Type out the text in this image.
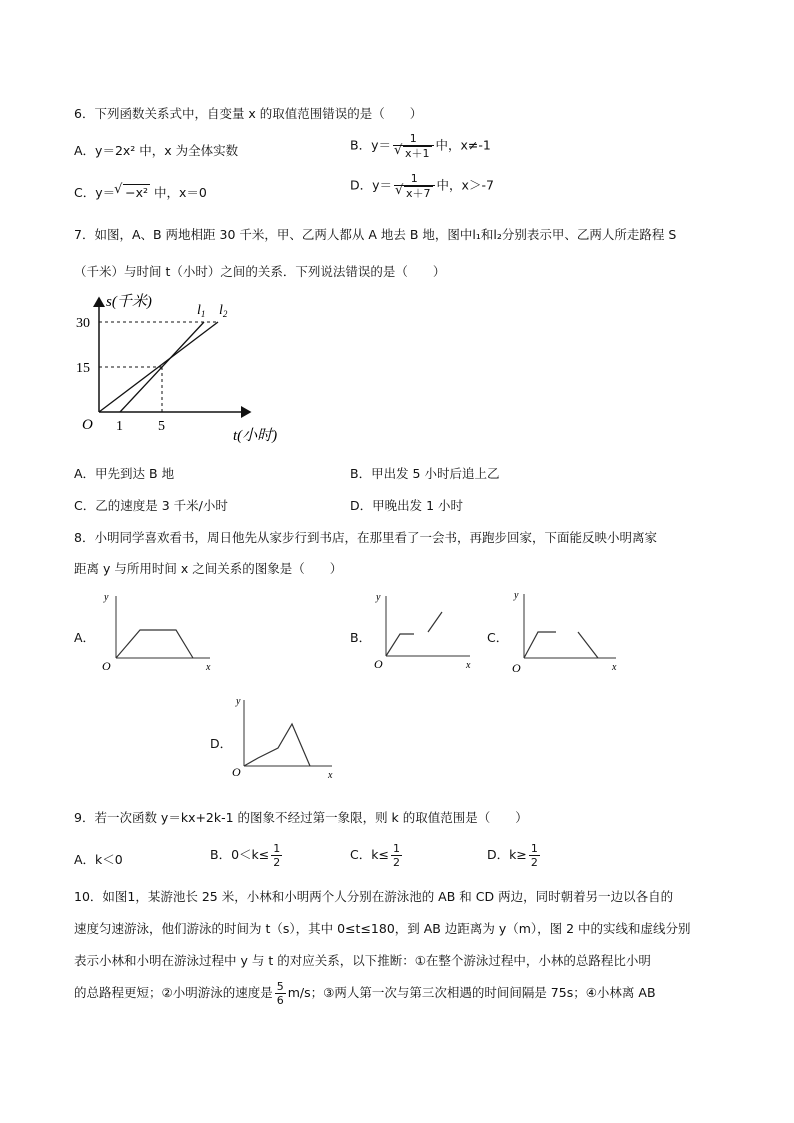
6．下列函数关系式中，自变量 x 的取值范围错误的是（　　）
A．y＝2x² 中，x 为全体实数	B．y＝ 1
√ x＋1 中，x≠-1
C．y＝√ −x² 中，x＝0	D．y＝ 1
√ x＋7 中，x＞-7
7．如图，A、B 两地相距 30 千米，甲、乙两人都从 A 地去 B 地，图中l₁和l₂分别表示甲、乙两人所走路程 S
（千米）与时间 t（小时）之间的关系．下列说法错误的是（　　）
s(千米)
30
15
O 1	5
t(小时)
$l_1$ $l_2$
A．甲先到达 B 地	B．甲出发 5 小时后追上乙
C．乙的速度是 3 千米/小时	D．甲晚出发 1 小时
8．小明同学喜欢看书，周日他先从家步行到书店，在那里看了一会书，再跑步回家，下面能反映小明离家
距离 y 与所用时间 x 之间关系的图象是（　　）
A．
y
O	x
B．
y
O	x
C．
y
O	x
D．
y
O	x
9．若一次函数 y＝kx+2k-1 的图象不经过第一象限，则 k 的取值范围是（　　）
A．k＜0	B．$0<k\le \frac{1}{2}$	C．$k\le \frac{1}{2}$	D．$k\ge \frac{1}{2}$
10．如图1，某游池长 25 米，小林和小明两个人分别在游泳池的 AB 和 CD 两边，同时朝着另一边以各自的
速度匀速游泳，他们游泳的时间为 t（s），其中 0≤t≤180，到 AB 边距离为 y（m），图 2 中的实线和虚线分别
表示小林和小明在游泳过程中 y 与 t 的对应关系，以下推断：①在整个游泳过程中，小林的总路程比小明
的总路程更短；②小明游泳的速度是 $\frac{5}{6} m/s$；③两人第一次与第三次相遇的时间间隔是 75s；④小林离 AB
